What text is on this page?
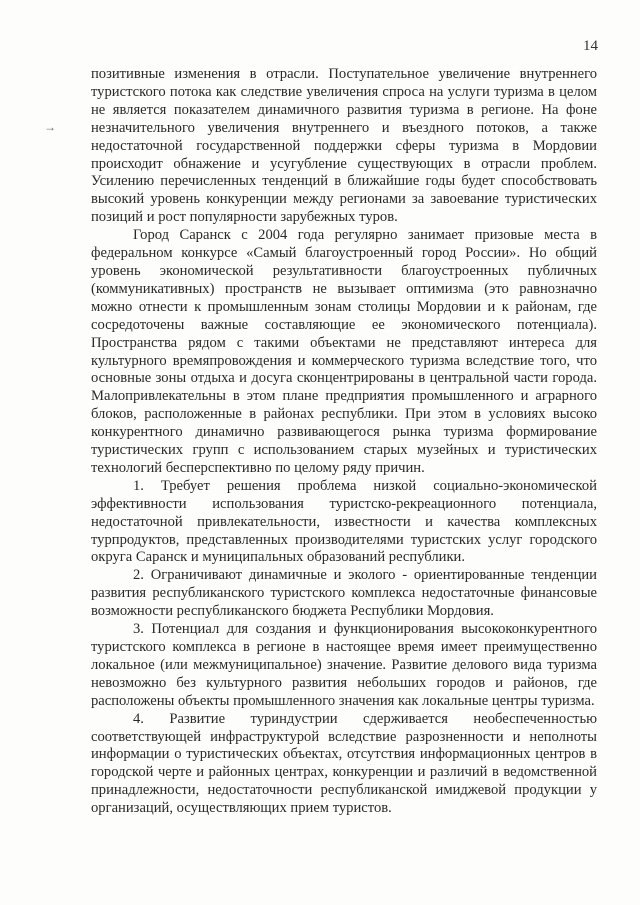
14
→

позитивные изменения в отрасли. Поступательное увеличение внутреннего туристского потока как следствие увеличения спроса на услуги туризма в целом не является показателем динамичного развития туризма в регионе. На фоне незначительного увеличения внутреннего и въездного потоков, а также недостаточной государственной поддержки сферы туризма в Мордовии происходит обнажение и усугубление существующих в отрасли проблем. Усилению перечисленных тенденций в ближайшие годы будет способствовать высокий уровень конкуренции между регионами за завоевание туристических позиций и рост популярности зарубежных туров.

Город Саранск с 2004 года регулярно занимает призовые места в федеральном конкурсе «Самый благоустроенный город России». Но общий уровень экономической результативности благоустроенных публичных (коммуникативных) пространств не вызывает оптимизма (это равнозначно можно отнести к промышленным зонам столицы Мордовии и к районам, где сосредоточены важные составляющие ее экономического потенциала). Пространства рядом с такими объектами не представляют интереса для культурного времяпровождения и коммерческого туризма вследствие того, что основные зоны отдыха и досуга сконцентрированы в центральной части города. Малопривлекательны в этом плане предприятия промышленного и аграрного блоков, расположенные в районах республики. При этом в условиях высоко конкурентного динамично развивающегося рынка туризма формирование туристических групп с использованием старых музейных и туристических технологий бесперспективно по целому ряду причин.

1. Требует решения проблема низкой социально-экономической эффективности использования туристско-рекреационного потенциала, недостаточной привлекательности, известности и качества комплексных турпродуктов, представленных производителями туристских услуг городского округа Саранск и муниципальных образований республики.

2. Ограничивают динамичные и эколого - ориентированные тенденции развития республиканского туристского комплекса недостаточные финансовые возможности республиканского бюджета Республики Мордовия.

3. Потенциал для создания и функционирования высококонкурентного туристского комплекса в регионе в настоящее время имеет преимущественно локальное (или межмуниципальное) значение. Развитие делового вида туризма невозможно без культурного развития небольших городов и районов, где расположены объекты промышленного значения как локальные центры туризма.

4. Развитие туриндустрии сдерживается необеспеченностью соответствующей инфраструктурой вследствие разрозненности и неполноты информации о туристических объектах, отсутствия информационных центров в городской черте и районных центрах, конкуренции и различий в ведомственной принадлежности, недостаточности республиканской имиджевой продукции у организаций, осуществляющих прием туристов.
